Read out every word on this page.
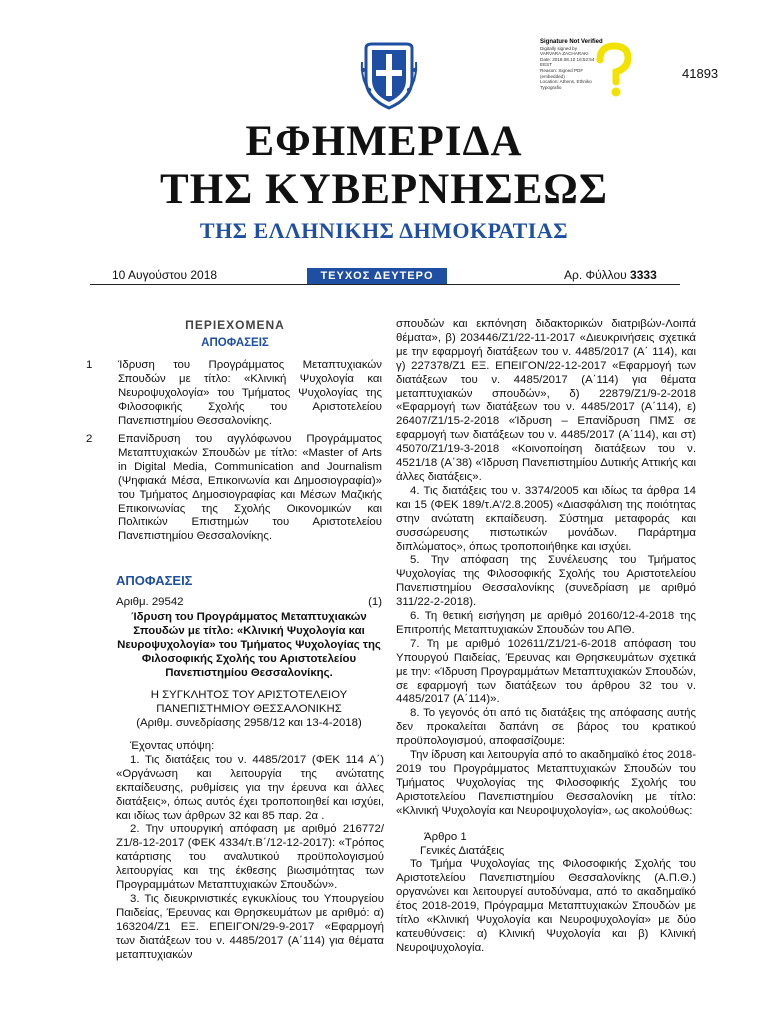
Signature Not Verified
Digitally signed by
VARVARA ZACHARAKI
Date: 2018.08.10 16:52:54
EEST
Reason: Signed PDF
(embedded)
Location: Athens, Ethniko
Typografio
41893
ΕΦΗΜΕΡΙΔΑ
ΤΗΣ ΚΥΒΕΡΝΗΣΕΩΣ
ΤΗΣ ΕΛΛΗΝΙΚΗΣ ΔΗΜΟΚΡΑΤΙΑΣ
10 Αυγούστου 2018	ΤΕΥΧΟΣ ΔΕΥΤΕΡΟ	Αρ. Φύλλου 3333
ΠΕΡΙΕΧΟΜΕΝΑ
ΑΠΟΦΑΣΕΙΣ
1	Ίδρυση του Προγράμματος Μεταπτυχιακών Σπουδών με τίτλο: «Κλινική Ψυχολογία και Νευροψυχολογία» του Τμήματος Ψυχολογίας της Φιλοσοφικής Σχολής του Αριστοτελείου Πανεπιστημίου Θεσσαλονίκης.
2	Επανίδρυση του αγγλόφωνου Προγράμματος Μεταπτυχιακών Σπουδών με τίτλο: «Master of Arts in Digital Media, Communication and Journalism (Ψηφιακά Μέσα, Επικοινωνία και Δημοσιογραφία)» του Τμήματος Δημοσιογραφίας και Μέσων Μαζικής Επικοινωνίας της Σχολής Οικονομικών και Πολιτικών Επιστημών του Αριστοτελείου Πανεπιστημίου Θεσσαλονίκης.
ΑΠΟΦΑΣΕΙΣ
Αριθμ. 29542	(1)
Ίδρυση του Προγράμματος Μεταπτυχιακών Σπουδών με τίτλο: «Κλινική Ψυχολογία και Νευροψυχολογία» του Τμήματος Ψυχολογίας της Φιλοσοφικής Σχολής του Αριστοτελείου Πανεπιστημίου Θεσσαλονίκης.
Η ΣΥΓΚΛΗΤΟΣ ΤΟΥ ΑΡΙΣΤΟΤΕΛΕΙΟΥ
ΠΑΝΕΠΙΣΤΗΜΙΟΥ ΘΕΣΣΑΛΟΝΙΚΗΣ
(Αριθμ. συνεδρίασης 2958/12 και 13-4-2018)

Έχοντας υπόψη:

1. Τις διατάξεις του ν. 4485/2017 (ΦΕΚ 114 Α΄) «Οργάνωση και λειτουργία της ανώτατης εκπαίδευσης, ρυθμίσεις για την έρευνα και άλλες διατάξεις», όπως αυτός έχει τροποποιηθεί και ισχύει, και ιδίως των άρθρων 32 και 85 παρ. 2α .

2. Την υπουργική απόφαση με αριθμό 216772/Ζ1/8-12-2017 (ΦΕΚ 4334/τ.Β΄/12-12-2017): «Τρόπος κατάρτισης του αναλυτικού προϋπολογισμού λειτουργίας και της έκθεσης βιωσιμότητας των Προγραμμάτων Μεταπτυχιακών Σπουδών».

3. Τις διευκρινιστικές εγκυκλίους του Υπουργείου Παιδείας, Έρευνας και Θρησκευμάτων με αριθμό: α) 163204/Ζ1 ΕΞ. ΕΠΕΙΓΟΝ/29-9-2017 «Εφαρμογή των διατάξεων του ν. 4485/2017 (Α΄114) για θέματα μεταπτυχιακών

σπουδών και εκπόνηση διδακτορικών διατριβών-Λοιπά θέματα», β) 203446/Ζ1/22-11-2017 «Διευκρινήσεις σχετικά με την εφαρμογή διατάξεων του ν. 4485/2017 (Α΄ 114), και γ) 227378/Ζ1 ΕΞ. ΕΠΕΙΓΟΝ/22-12-2017 «Εφαρμογή των διατάξεων του ν. 4485/2017 (Α΄114) για θέματα μεταπτυχιακών σπουδών», δ) 22879/Ζ1/9-2-2018 «Εφαρμογή των διατάξεων του ν. 4485/2017 (Α΄114), ε) 26407/Ζ1/15-2-2018 «Ίδρυση – Επανίδρυση ΠΜΣ σε εφαρμογή των διατάξεων του ν. 4485/2017 (Α΄114), και στ) 45070/Ζ1/19-3-2018 «Κοινοποίηση διατάξεων του ν. 4521/18 (Α΄38) «Ίδρυση Πανεπιστημίου Δυτικής Αττικής και άλλες διατάξεις».

4. Τις διατάξεις του ν. 3374/2005 και ιδίως τα άρθρα 14 και 15 (ΦΕΚ 189/τ.Α'/2.8.2005) «Διασφάλιση της ποιότητας στην ανώτατη εκπαίδευση. Σύστημα μεταφοράς και συσσώρευσης πιστωτικών μονάδων. Παράρτημα διπλώματος», όπως τροποποιήθηκε και ισχύει.

5. Την απόφαση της Συνέλευσης του Τμήματος Ψυχολογίας της Φιλοσοφικής Σχολής του Αριστοτελείου Πανεπιστημίου Θεσσαλονίκης (συνεδρίαση με αριθμό 311/22-2-2018).

6. Τη θετική εισήγηση με αριθμό 20160/12-4-2018 της Επιτροπής Μεταπτυχιακών Σπουδών του ΑΠΘ.

7. Τη με αριθμό 102611/Ζ1/21-6-2018 απόφαση του Υπουργού Παιδείας, Έρευνας και Θρησκευμάτων σχετικά με την: «Ίδρυση Προγραμμάτων Μεταπτυχιακών Σπουδών, σε εφαρμογή των διατάξεων του άρθρου 32 του ν. 4485/2017 (Α΄114)».

8. Το γεγονός ότι από τις διατάξεις της απόφασης αυτής δεν προκαλείται δαπάνη σε βάρος του κρατικού προϋπολογισμού, αποφασίζουμε:

Την ίδρυση και λειτουργία από το ακαδημαϊκό έτος 2018-2019 του Προγράμματος Μεταπτυχιακών Σπουδών του Τμήματος Ψυχολογίας της Φιλοσοφικής Σχολής του Αριστοτελείου Πανεπιστημίου Θεσσαλονίκη με τίτλο: «Κλινική Ψυχολογία και Νευροψυχολογία», ως ακολούθως:

Άρθρο 1
Γενικές Διατάξεις

Το Τμήμα Ψυχολογίας της Φιλοσοφικής Σχολής του Αριστοτελείου Πανεπιστημίου Θεσσαλονίκης (Α.Π.Θ.) οργανώνει και λειτουργεί αυτοδύναμα, από το ακαδημαϊκό έτος 2018-2019, Πρόγραμμα Μεταπτυχιακών Σπουδών με τίτλο «Κλινική Ψυχολογία και Νευροψυχολογία» με δύο κατευθύνσεις: α) Κλινική Ψυχολογία και β) Κλινική Νευροψυχολογία.
